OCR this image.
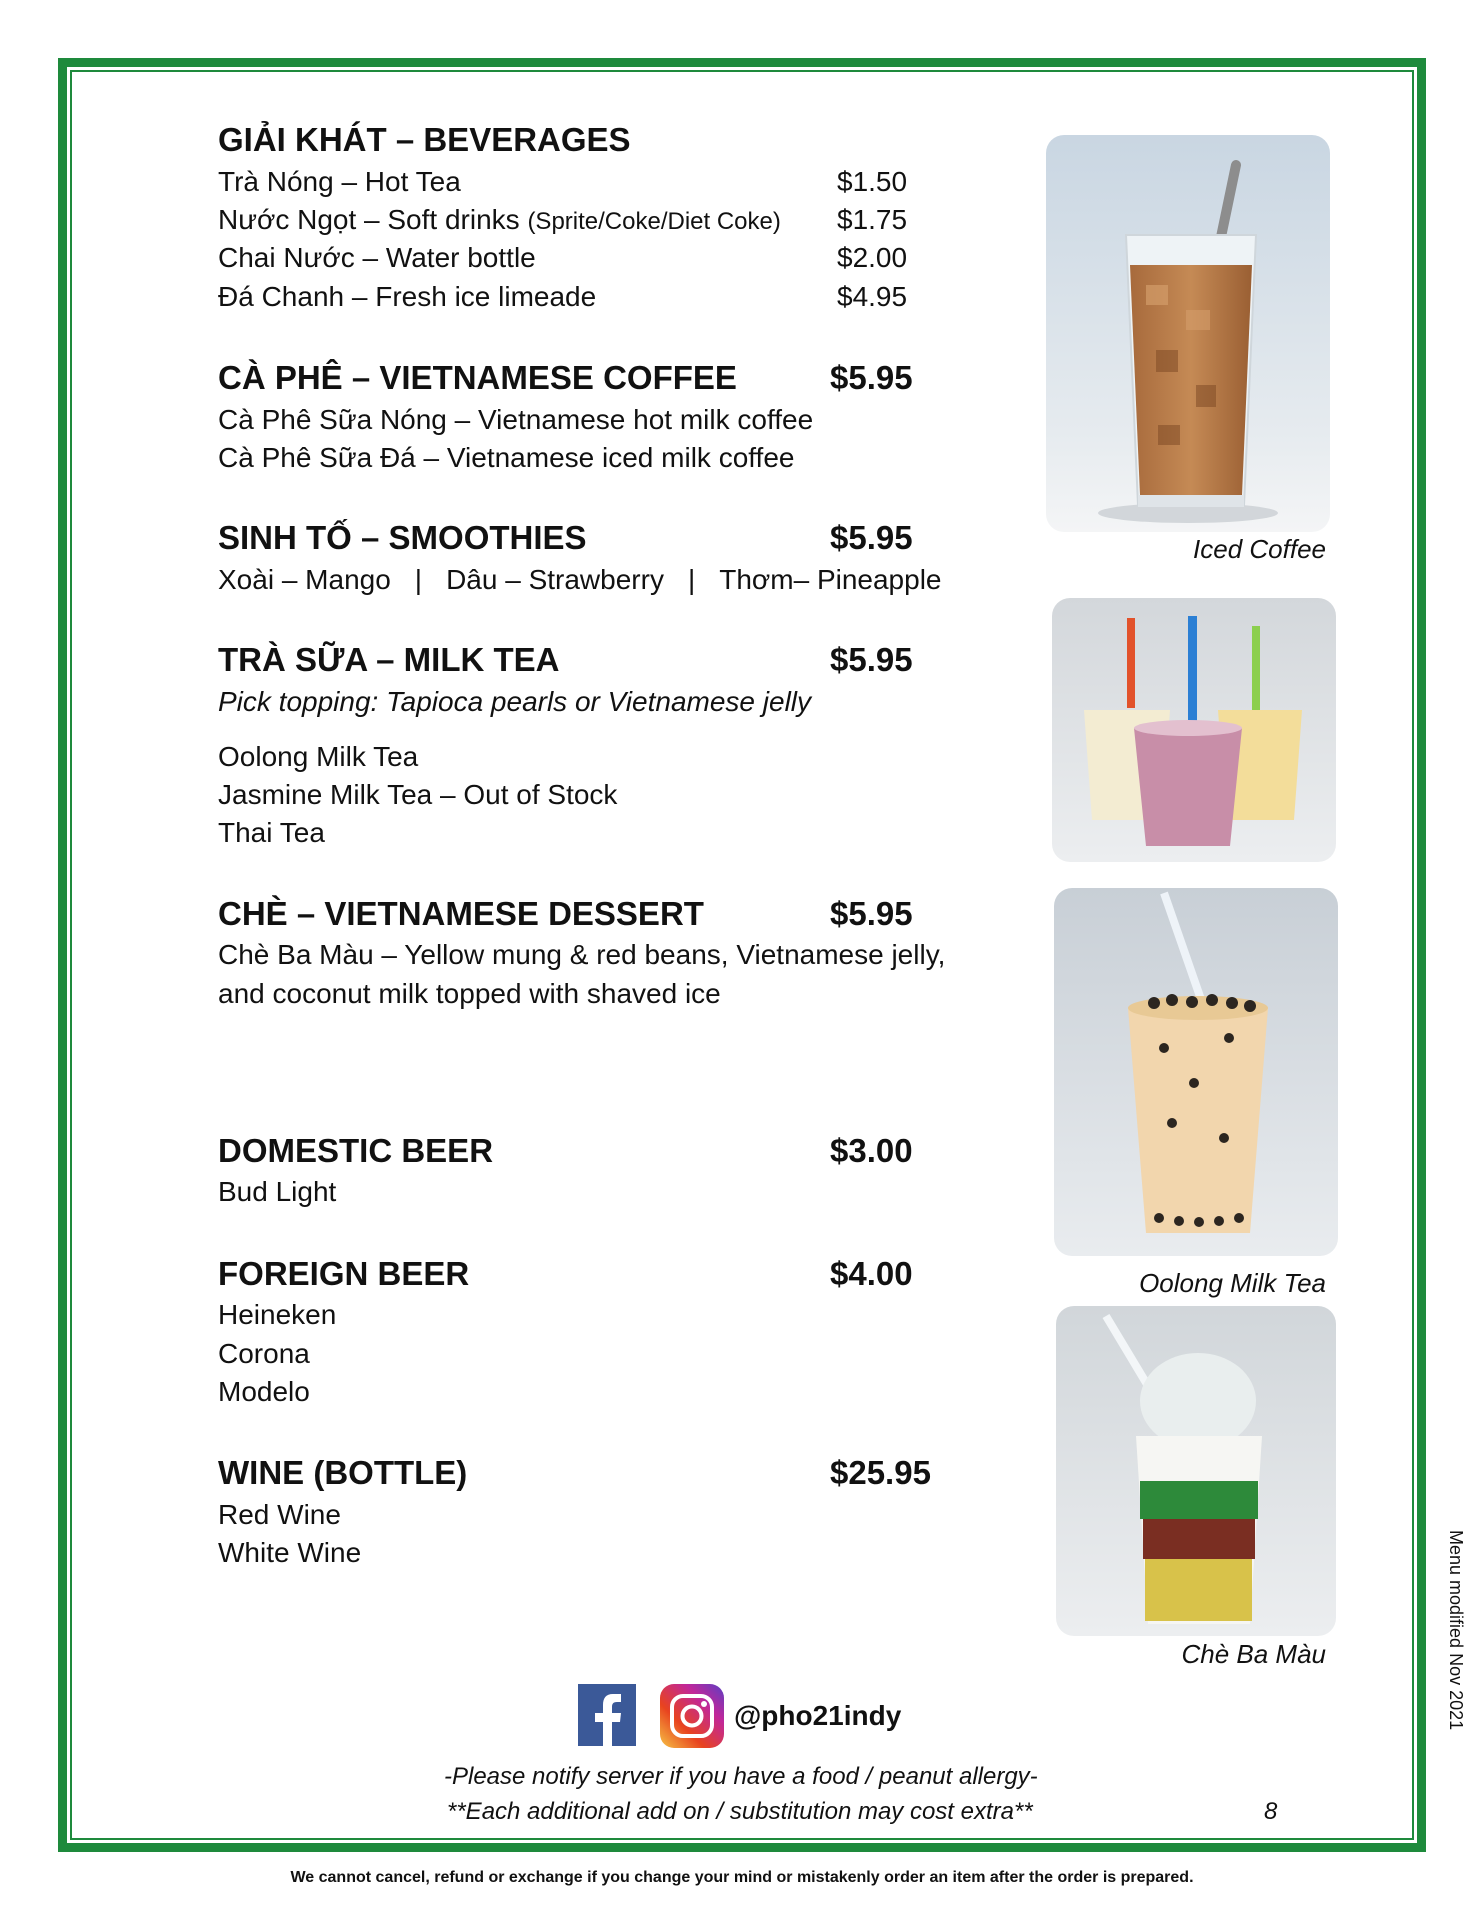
GIẢI KHÁT – BEVERAGES
Trà Nóng – Hot Tea	$1.50
Nước Ngọt – Soft drinks (Sprite/Coke/Diet Coke) $1.75
Chai Nước – Water bottle	$2.00
Đá Chanh – Fresh ice limeade	$4.95
CÀ PHÊ – VIETNAMESE COFFEE	$5.95
Cà Phê Sữa Nóng – Vietnamese hot milk coffee
Cà Phê Sữa Đá – Vietnamese iced milk coffee
SINH TỐ – SMOOTHIES	$5.95
Xoài – Mango | Dâu – Strawberry | Thơm– Pineapple
TRÀ SỮA – MILK TEA	$5.95
Pick topping: Tapioca pearls or Vietnamese jelly
Oolong Milk Tea
Jasmine Milk Tea – Out of Stock
Thai Tea
CHÈ – VIETNAMESE DESSERT	$5.95
Chè Ba Màu – Yellow mung & red beans, Vietnamese jelly,
and coconut milk topped with shaved ice
DOMESTIC BEER	$3.00
Bud Light
FOREIGN BEER	$4.00
Heineken
Corona
Modelo
WINE (BOTTLE)	$25.95
Red Wine
White Wine
Iced Coffee
Oolong Milk Tea
Chè Ba Màu
@pho21indy
-Please notify server if you have a food / peanut allergy-
**Each additional add on / substitution may cost extra**	8
Menu modified Nov 2021
We cannot cancel, refund or exchange if you change your mind or mistakenly order an item after the order is prepared.
